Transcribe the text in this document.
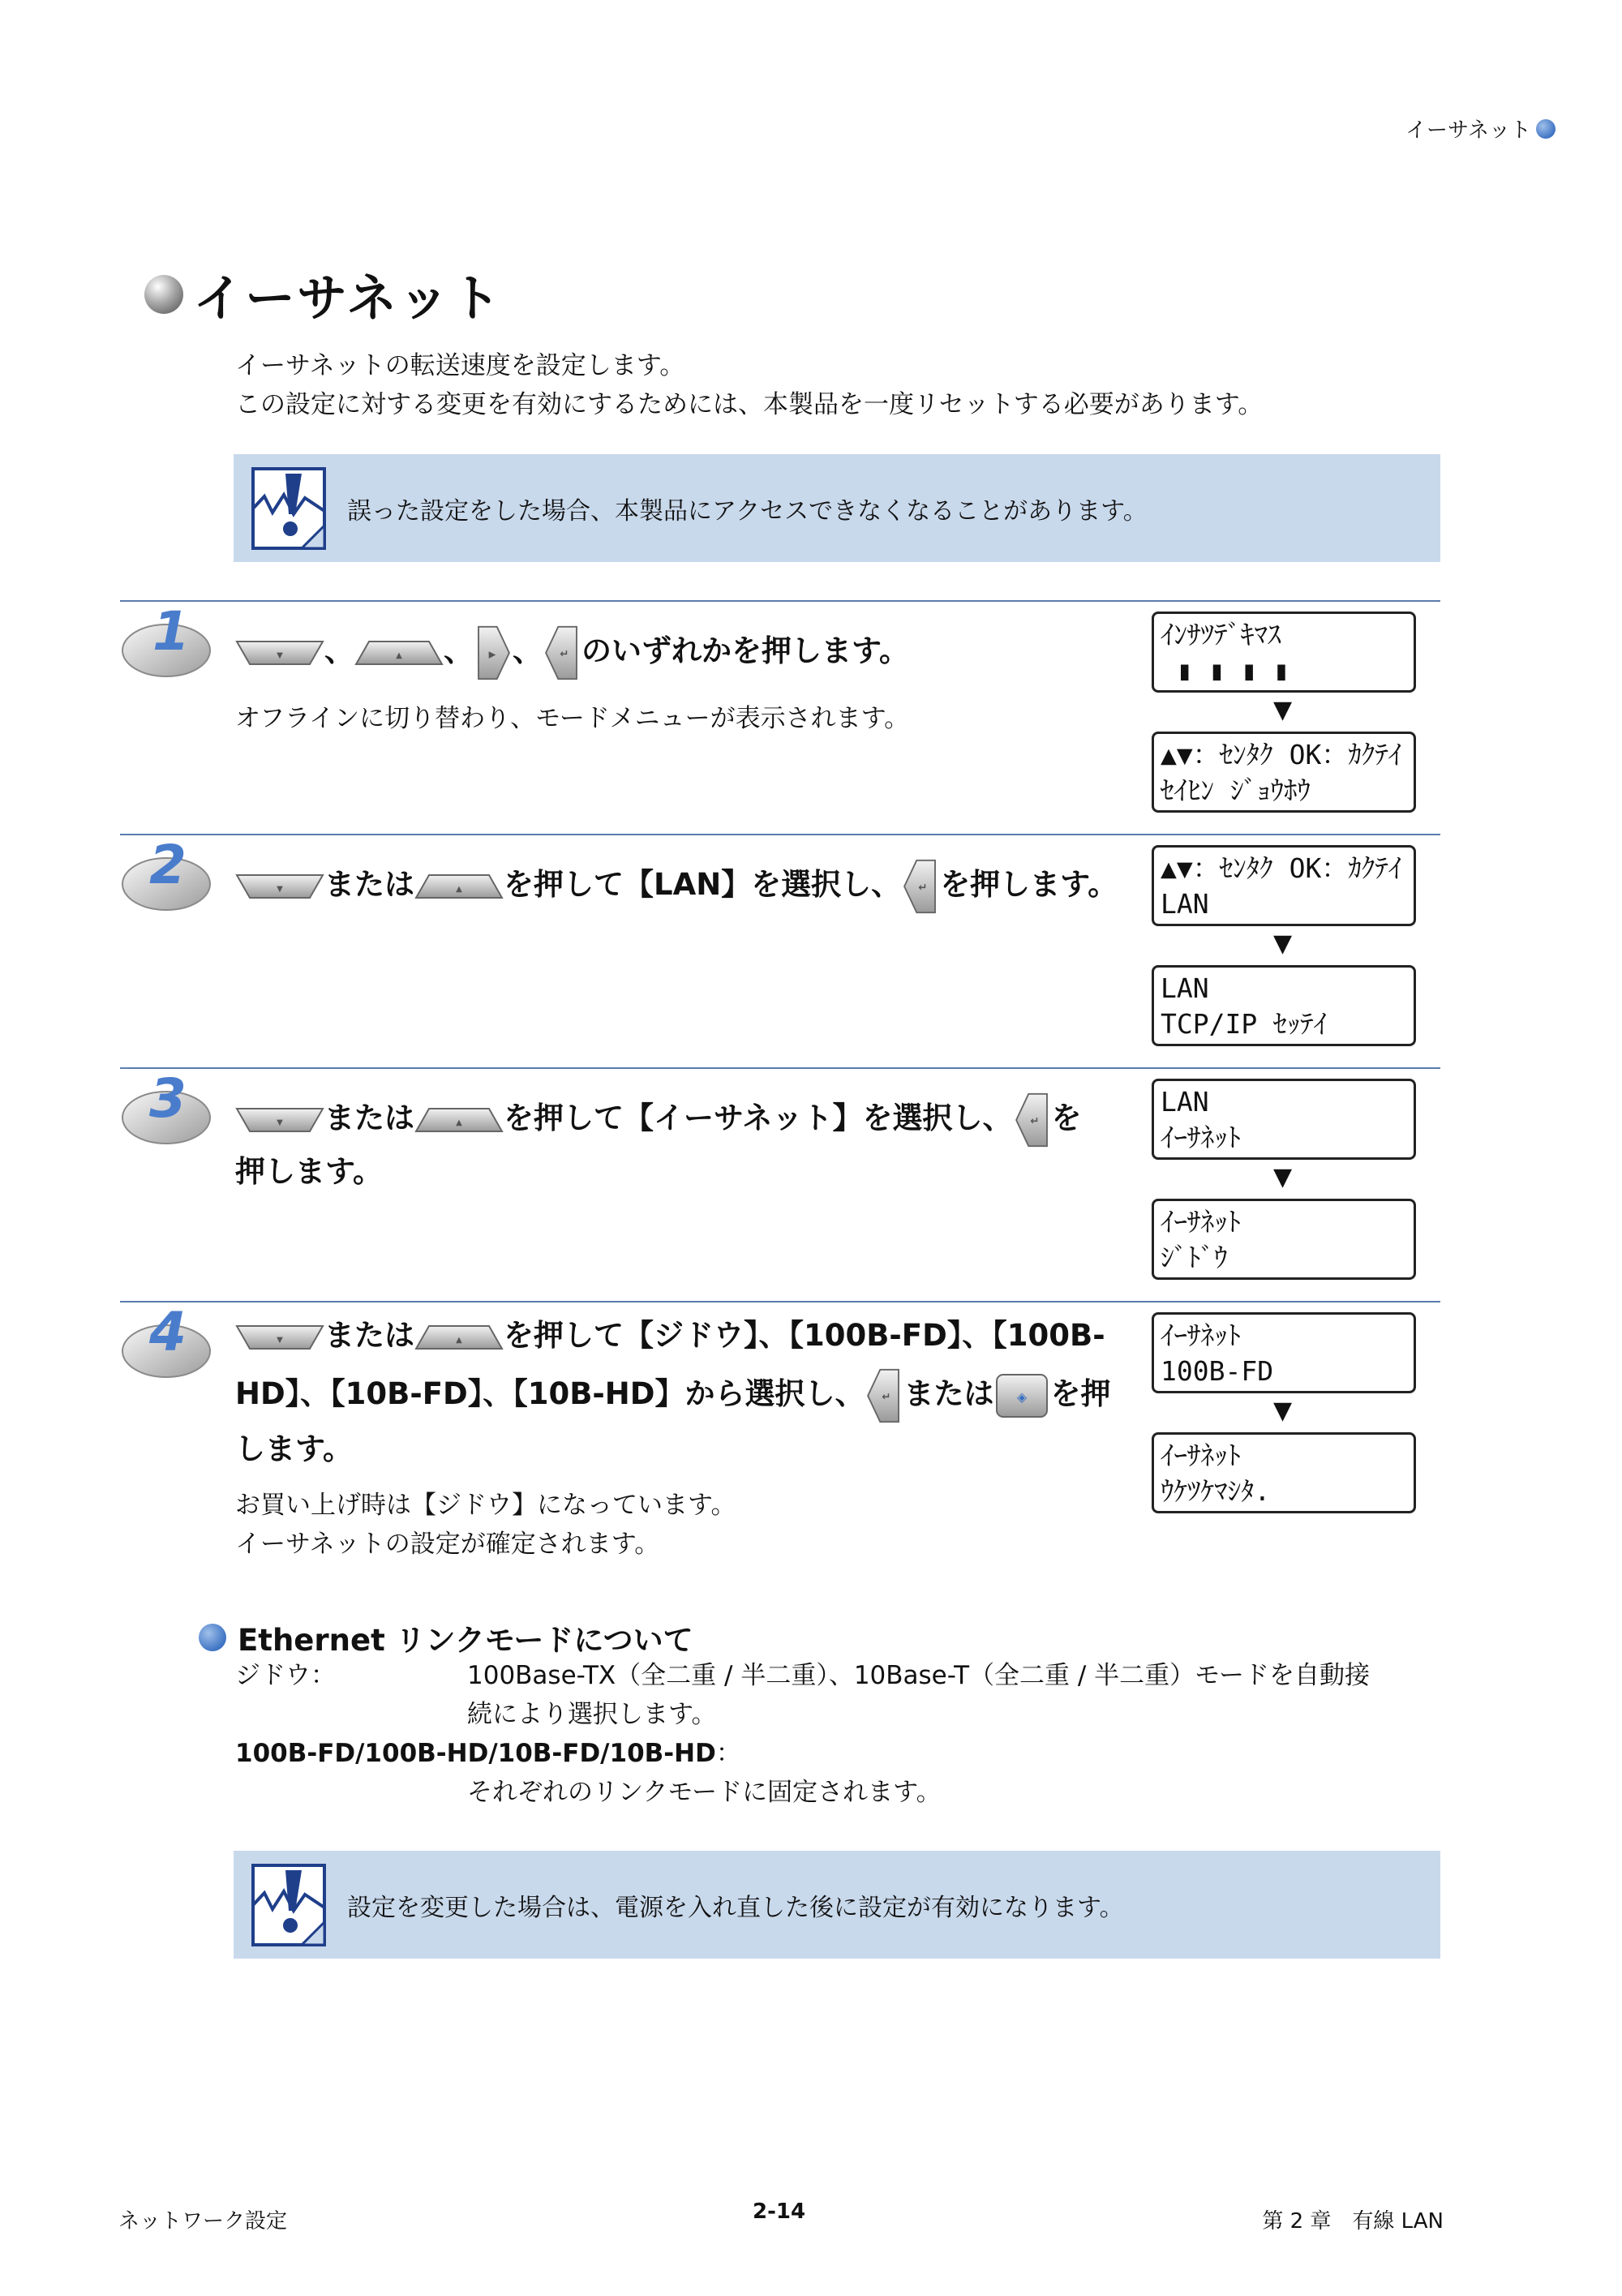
イーサネット
イーサネット
イーサネットの転送速度を設定します。
この設定に対する変更を有効にするためには、本製品を一度リセットする必要があります。
誤った設定をした場合、本製品にアクセスできなくなることがあります。
1	、	、 、 のいずれかを押します。
オフラインに切り替わり、モードメニューが表示されます。
ｲﾝｻﾂﾃﾞｷﾏｽ
▮ ▮ ▮ ▮
▼
▲▼：ｾﾝﾀｸ OK：ｶｸﾃｲ
ｾｲﾋﾝ ｼﾞｮｳﾎｳ
2	または	を押して【LAN】を選択し、 を押します。 ▲▼：ｾﾝﾀｸ OK：ｶｸﾃｲ
LAN
▼
LAN
TCP/IP ｾｯﾃｲ
3	または	を押して【イーサネット】を選択し、 を
押します。
LAN
ｲｰｻﾈｯﾄ
▼
ｲｰｻﾈｯﾄ
ｼﾞﾄﾞｳ
4	または	を押して【ジドウ】、【100B-FD】、【100B-
HD】、【10B-FD】、【10B-HD】から選択し、 または を押
します。
お買い上げ時は【ジドウ】になっています。
イーサネットの設定が確定されます。
ｲｰｻﾈｯﾄ
100B-FD
▼
ｲｰｻﾈｯﾄ
ｳｹﾂｹﾏｼﾀ.
Ethernet リンクモードについて
ジドウ：	100Base-TX（全二重 / 半二重）、10Base-T（全二重 / 半二重）モードを自動接
続により選択します。
100B-FD/100B-HD/10B-FD/10B-HD：
それぞれのリンクモードに固定されます。
設定を変更した場合は、電源を入れ直した後に設定が有効になります。
ネットワーク設定	2-14	第 2 章　有線 LAN
